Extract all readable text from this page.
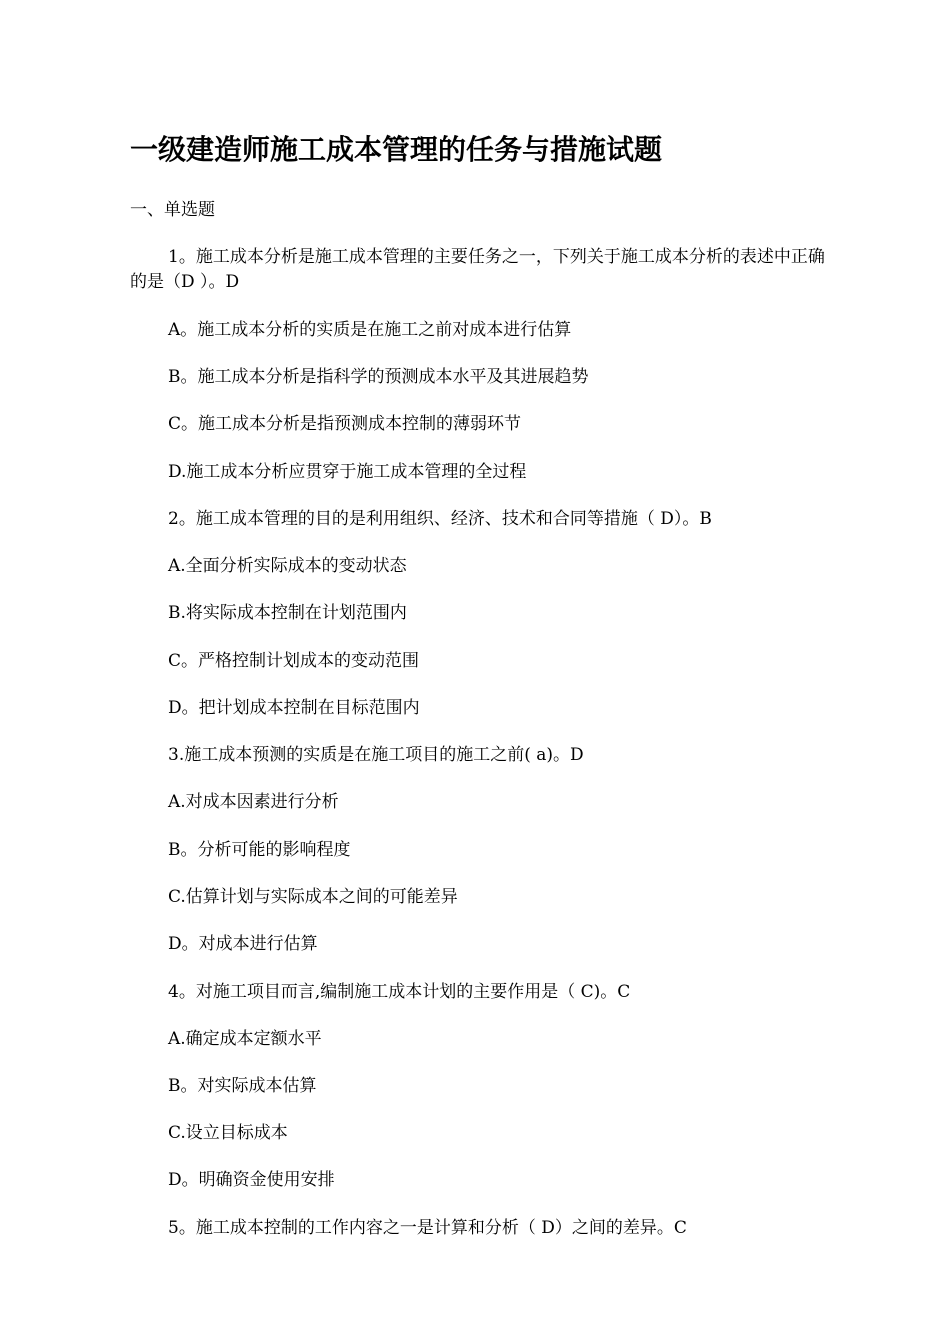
一级建造师施工成本管理的任务与措施试题
一、单选题
1。施工成本分析是施工成本管理的主要任务之一，下列关于施工成本分析的表述中正确的是（D ）。D
A。施工成本分析的实质是在施工之前对成本进行估算
B。施工成本分析是指科学的预测成本水平及其进展趋势
C。施工成本分析是指预测成本控制的薄弱环节
D.施工成本分析应贯穿于施工成本管理的全过程
2。施工成本管理的目的是利用组织、经济、技术和合同等措施（ D）。B
A.全面分析实际成本的变动状态
B.将实际成本控制在计划范围内
C。严格控制计划成本的变动范围
D。把计划成本控制在目标范围内
3.施工成本预测的实质是在施工项目的施工之前( a)。D
A.对成本因素进行分析
B。分析可能的影响程度
C.估算计划与实际成本之间的可能差异
D。对成本进行估算
4。对施工项目而言,编制施工成本计划的主要作用是（ C)。C
A.确定成本定额水平
B。对实际成本估算
C.设立目标成本
D。明确资金使用安排
5。施工成本控制的工作内容之一是计算和分析（ D）之间的差异。C
